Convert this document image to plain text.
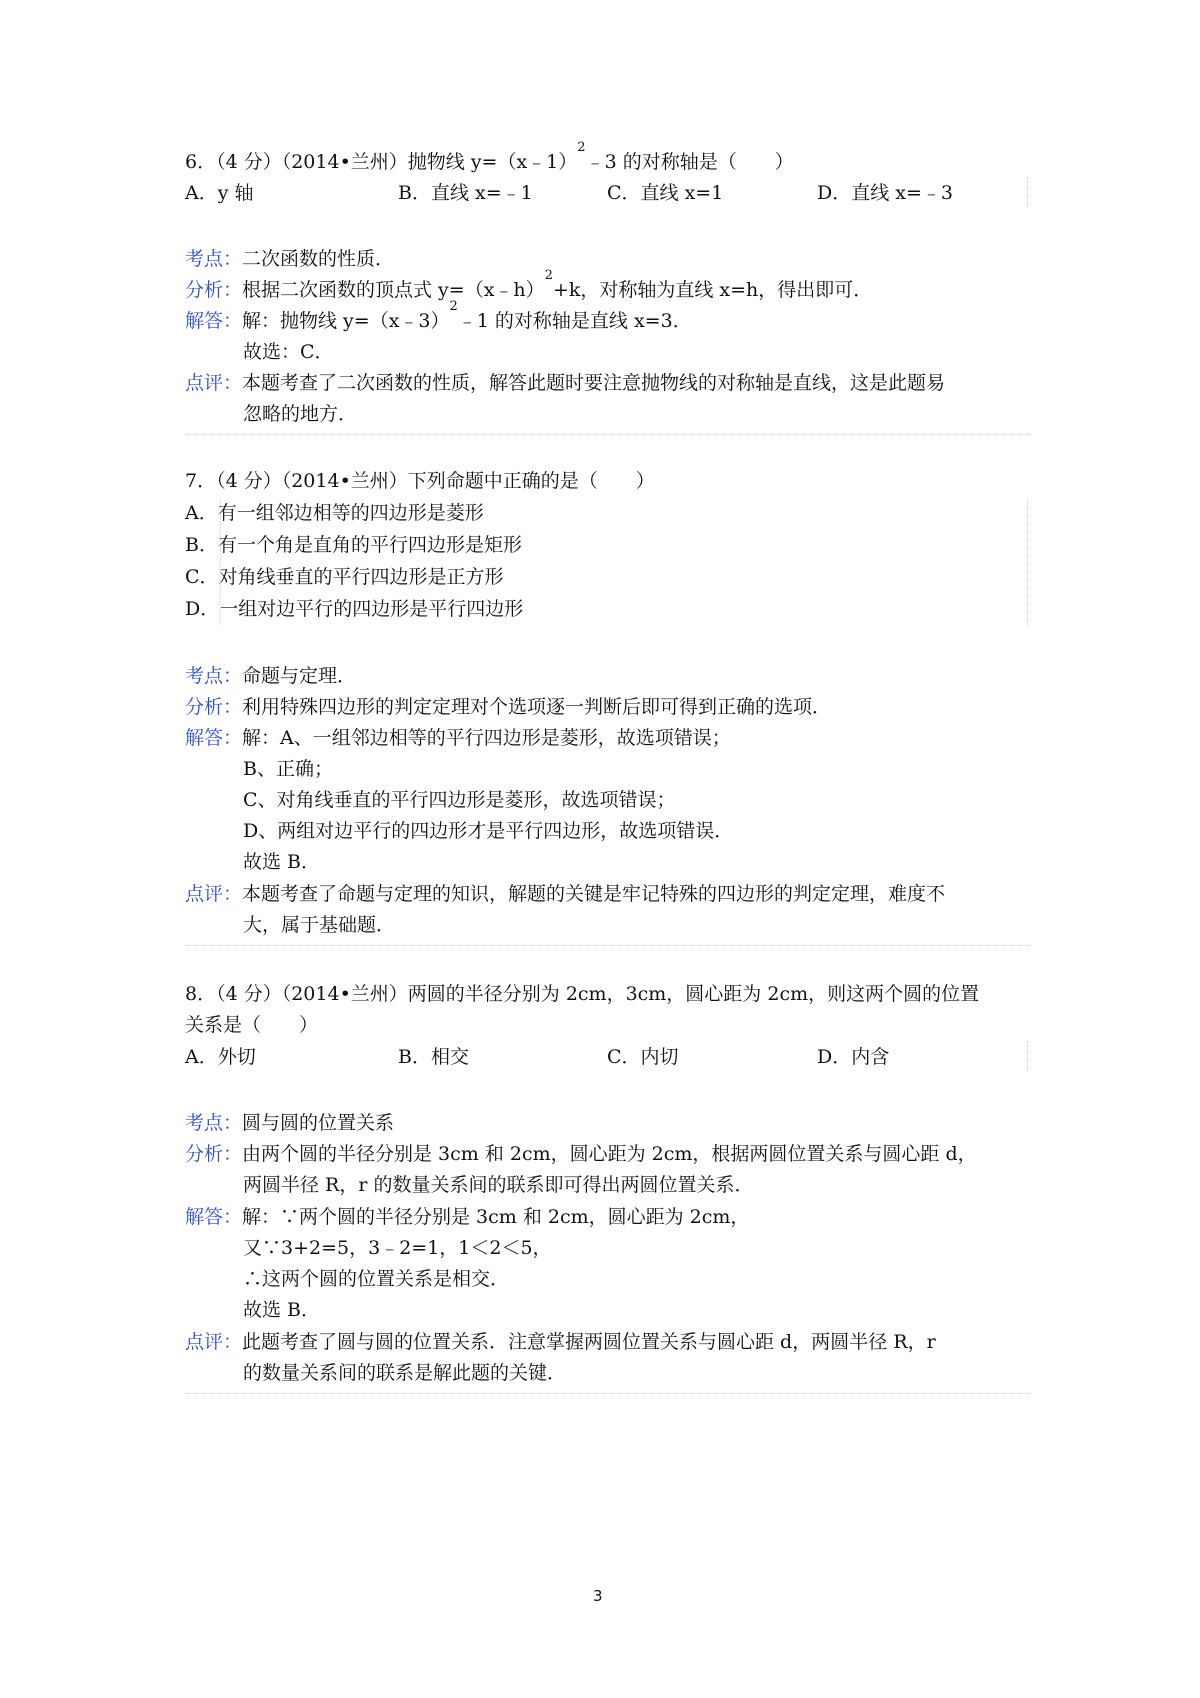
6．（4 分）（2014•兰州）抛物线 y=（x﹣1）$^2$﹣3 的对称轴是（　　）
A．y 轴	B．直线 x=﹣1	C．直线 x=1	D．直线 x=﹣3
考点：二次函数的性质．
分析：根据二次函数的顶点式 y=（x﹣h）$^2$+k，对称轴为直线 x=h，得出即可．
解答：解：抛物线 y=（x﹣3）$^2$﹣1 的对称轴是直线 x=3．
故选：C．
点评：本题考查了二次函数的性质，解答此题时要注意抛物线的对称轴是直线，这是此题易
忽略的地方．
7．（4 分）（2014•兰州）下列命题中正确的是（　　）
A．有一组邻边相等的四边形是菱形
B．有一个角是直角的平行四边形是矩形
C．对角线垂直的平行四边形是正方形
D．一组对边平行的四边形是平行四边形
考点：命题与定理．
分析：利用特殊四边形的判定定理对个选项逐一判断后即可得到正确的选项．
解答：解：A、一组邻边相等的平行四边形是菱形，故选项错误；
B、正确；
C、对角线垂直的平行四边形是菱形，故选项错误；
D、两组对边平行的四边形才是平行四边形，故选项错误．
故选 B．
点评：本题考查了命题与定理的知识，解题的关键是牢记特殊的四边形的判定定理，难度不
大，属于基础题．
8．（4 分）（2014•兰州）两圆的半径分别为 2cm，3cm，圆心距为 2cm，则这两个圆的位置
关系是（　　）
A．外切	B．相交	C．内切	D．内含
考点：圆与圆的位置关系
分析：由两个圆的半径分别是 3cm 和 2cm，圆心距为 2cm，根据两圆位置关系与圆心距 d，
两圆半径 R，r 的数量关系间的联系即可得出两圆位置关系．
解答：解：∵两个圆的半径分别是 3cm 和 2cm，圆心距为 2cm，
又∵3+2=5，3﹣2=1，1＜2＜5，
∴这两个圆的位置关系是相交．
故选 B．
点评：此题考查了圆与圆的位置关系．注意掌握两圆位置关系与圆心距 d，两圆半径 R，r
的数量关系间的联系是解此题的关键．
3
